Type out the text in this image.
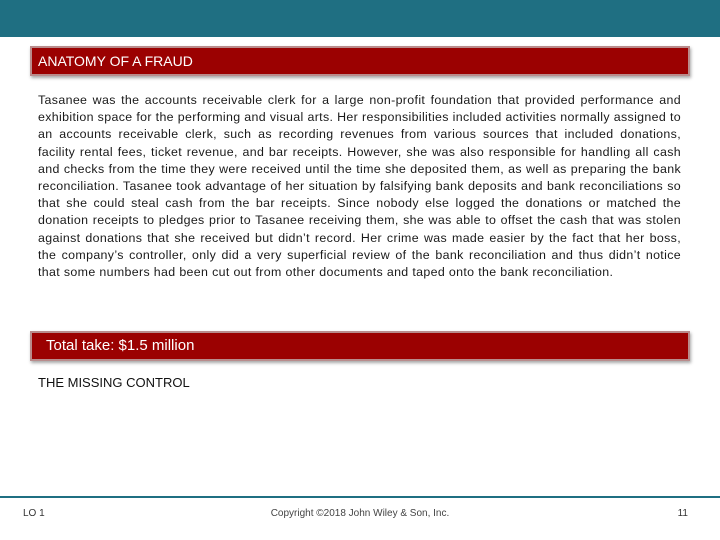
ANATOMY OF A FRAUD

Tasanee was the accounts receivable clerk for a large non-profit foundation that provided performance and exhibition space for the performing and visual arts. Her responsibilities included activities normally assigned to an accounts receivable clerk, such as recording revenues from various sources that included donations, facility rental fees, ticket revenue, and bar receipts. However, she was also responsible for handling all cash and checks from the time they were received until the time she deposited them, as well as preparing the bank reconciliation. Tasanee took advantage of her situation by falsifying bank deposits and bank reconciliations so that she could steal cash from the bar receipts. Since nobody else logged the donations or matched the donation receipts to pledges prior to Tasanee receiving them, she was able to offset the cash that was stolen against donations that she received but didn’t record. Her crime was made easier by the fact that her boss, the company’s controller, only did a very superficial review of the bank reconciliation and thus didn’t notice that some numbers had been cut out from other documents and taped onto the bank reconciliation.

Total take: $1.5 million
THE MISSING CONTROL
LO 1	Copyright ©2018 John Wiley & Son, Inc.	11
